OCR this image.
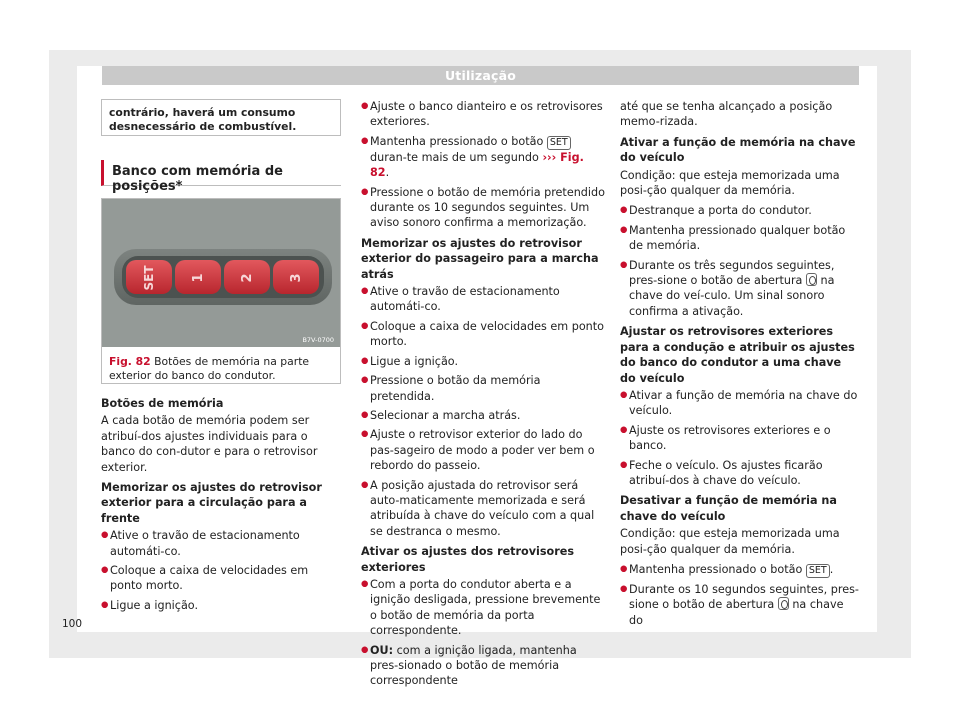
Utilização
contrário, haverá um consumo desnecessário de combustível.
Banco com memória de posições*
SET	1	2	3
B7V-0700
Fig. 82 Botões de memória na parte exterior do banco do condutor.
Botões de memória

A cada botão de memória podem ser atribuí-dos ajustes individuais para o banco do con-dutor e para o retrovisor exterior.

Memorizar os ajustes do retrovisor exterior para a circulação para a frente
● Ative o travão de estacionamento automáti-co.
● Coloque a caixa de velocidades em ponto morto.
● Ligue a ignição.
● Ajuste o banco dianteiro e os retrovisores exteriores.
● Mantenha pressionado o botão SET duran-te mais de um segundo ››› Fig. 82.
● Pressione o botão de memória pretendido durante os 10 segundos seguintes. Um aviso sonoro confirma a memorização.
Memorizar os ajustes do retrovisor exterior do passageiro para a marcha atrás
● Ative o travão de estacionamento automáti-co.
● Coloque a caixa de velocidades em ponto morto.
● Ligue a ignição.
● Pressione o botão da memória pretendida.
● Selecionar a marcha atrás.
● Ajuste o retrovisor exterior do lado do pas-sageiro de modo a poder ver bem o rebordo do passeio.
● A posição ajustada do retrovisor será auto-maticamente memorizada e será atribuída à chave do veículo com a qual se destranca o mesmo.
Ativar os ajustes dos retrovisores exteriores
● Com a porta do condutor aberta e a ignição desligada, pressione brevemente o botão de memória da porta correspondente.
● OU: com a ignição ligada, mantenha pres-sionado o botão de memória correspondente

até que se tenha alcançado a posição memo-rizada.

Ativar a função de memória na chave do veículo

Condição: que esteja memorizada uma posi-ção qualquer da memória.

● Destranque a porta do condutor.
● Mantenha pressionado qualquer botão de memória.
● Durante os três segundos seguintes, pres-sione o botão de abertura na chave do veí-culo. Um sinal sonoro confirma a ativação.
Ajustar os retrovisores exteriores para a condução e atribuir os ajustes do banco do condutor a uma chave do veículo
● Ativar a função de memória na chave do veículo.
● Ajuste os retrovisores exteriores e o banco.
● Feche o veículo. Os ajustes ficarão atribuí-dos à chave do veículo.
Desativar a função de memória na chave do veículo

Condição: que esteja memorizada uma posi-ção qualquer da memória.

● Mantenha pressionado o botão SET .
● Durante os 10 segundos seguintes, pres-sione o botão de abertura na chave do
100
